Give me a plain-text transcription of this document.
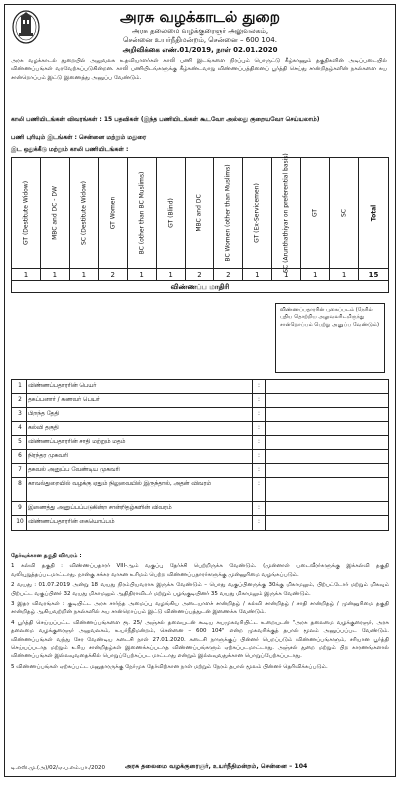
அரசு வழக்காடல் துறை
அரசு தலைமை வழக்குரைஞர் அலுவலகம்,
சென்னை உயர்நீதிமன்றம், சென்னை – 600 104.
அறிவிக்கை எண்.01/2019, நாள் 02.01.2020
அரசு வழக்காடல் துறையில் அலுவலக உதவியாளர்கள் காலி பணி இடங்களை நிரப்பும் பொருட்டு கீழ்காணும் தகுதிகளின் அடிப்படையில் விண்ணப்பங்கள் வரவேற்கப்படுகின்றன. காலி பணியிடங்களுக்கு கீழ்கண்டவாறு விண்ணப்பத்தினைப் பூர்த்தி செய்து சான்றிதழ்களின் நகல்களை சுய சான்றொப்பம் இட்டு இணைத்து அனுப்ப வேண்டும்.
காலி பணியிடங்கள் விவரங்கள் : 15 பதவிகள் (இந்த பணியிடங்கள் கூடவோ அல்லது குறையவோ செய்யலாம்)
பணி புரியும் இடங்கள் : சென்னை மற்றும் மதுரை
இட ஒதுக்கீடு மற்றும் காலி பணியிடங்கள் :
GT (Destitute Widow)	MBC and DC - DW	SC (Destitute Widow)	GT Women	BC (other than BC Muslims)	GT (Blind)	MBC and DC	BC Women (other than Muslims)	GT (Ex-Servicemen)	SC (Arunthathiyar on preferential basis)	GT	SC	Total
1	1	1	2	1	1	2	2	1	1	1	1	15
விண்ணப்ப மாதிரி
விண்ணப்பதாரரின் புகைப்படம் (நேரில் புதிய தொற்றிய அலுவலரிடமிருந்து சான்றொப்பம் பெற்று அனுப்ப வேண்டும்)
1	விண்ணப்பதாரரின் பெயர்	:
2	தகப்பனார் / கணவர் பெயர்	:
3	பிறந்த தேதி	:
4	கல்வி தகுதி	:
5	விண்ணப்பதாரரின் சாதி மற்றும் மதம்	:
6	நிரந்தர முகவரி	:
7	தகவல் அனுப்ப வேண்டிய முகவரி	:
8	காவல்துறையில் வழக்கு ஏதும் நிலுவையில் இருந்தால், அதன் விவரம்	:
9	இணைத்து அனுப்பப்படுகின்ற சான்றிதழ்களின் விவரம்	:
10 விண்ணப்பதாரரின் கையொப்பம்	:

தேர்வுக்கான தகுதி விவரம் :

1 கல்வி தகுதி : விண்ணப்பதாரர் VIII-ஆம் வகுப்பு தேர்ச்சி பெற்றிருக்க வேண்டும். (முன்னாள் படைவீரர்களுக்கு இக்கல்வி தகுதி வலியுறுத்தப்படமாட்டாது. நான்கு சக்கர வாகன உரிமம் பெற்ற விண்ணப்பதாரர்களுக்கு முன்னுரிமை வழங்கப்படும்.

2 வயது : 01.07.2019 அன்று 18 வயது நிரம்பியவராக இருக்க வேண்டும் – பொது வகுப்பினருக்கு 30க்கு மிகாமலும், பிற்பட்டோர் மற்றும் மிகவும் பிற்பட்ட வகுப்பினர் 32 வயது மிகாமலும் ஆதிதிராவிடர் மற்றும் பழங்குடியினர் 35 வயது மிகாமலும் இருக்க வேண்டும்.

3 இதர விவரங்கள் : குடியிட்ட அரசு சார்ந்த அமைப்பு வழங்கிய அடையாளச் சான்றிதழ் / கல்வி சான்றிதழ் / சாதி சான்றிதழ் / முன்னுரிமை தகுதி சான்றிதழ் ஆகியவற்றின் நகல்களில் சுய சான்றொப்பம் இட்டு விண்ணப்பத்துடன் இணைக்க வேண்டும்.

4 பூர்த்தி செய்யப்பட்ட விண்ணப்பங்களை ரூ. 25/ அஞ்சல் தலையுடன் கூடிய சுயமுகவரியிட்ட உறையுடன் "அரசு தலைமை வழக்குரைஞர், அரசு தலைமை வழக்குரைஞர் அலுவலகம், உயர்நீதிமன்றம், சென்னை – 600 104" என்ற முகவரிக்குத் தபால் மூலம் அனுப்பப்பட வேண்டும். விண்ணப்பங்கள் வந்து சேர வேண்டிய கடைசி நாள் 27.01.2020. கடைசி நாளுக்குப் பின்னர் பெறப்படும் விண்ணப்பங்களும், சரியான பூர்த்தி செய்யப்படாத மற்றும் உரிய சான்றிதழ்கள் இணைக்கப்படாத விண்ணப்பங்களும் ஏற்கப்படமாட்டாது. அஞ்சல் துறை மற்றும் பிற காரணங்களால் விண்ணப்பங்கள் இல்லவுவதைக்கில் பொறுப்பேற்கப்பட மாட்டாது என்றும் இல்லவுவதுக்கான பொறுப்பேற்கப்படாது.

5 விண்ணப்பங்கள் ஏற்கப்பட்ட மனுதாரருக்கு நேர்முக தேர்விற்கான நாள் மற்றும் நேரம் தபால் மூலம் பின்னர் தெரிவிக்கப்படும்.

டி.எஸ்.மு.(அ)/02/ஏ.ப.எம்.பா./2020	அரசு தலைமை வழக்குரைஞர், உயர்நீதிமன்றம், சென்னை – 104
